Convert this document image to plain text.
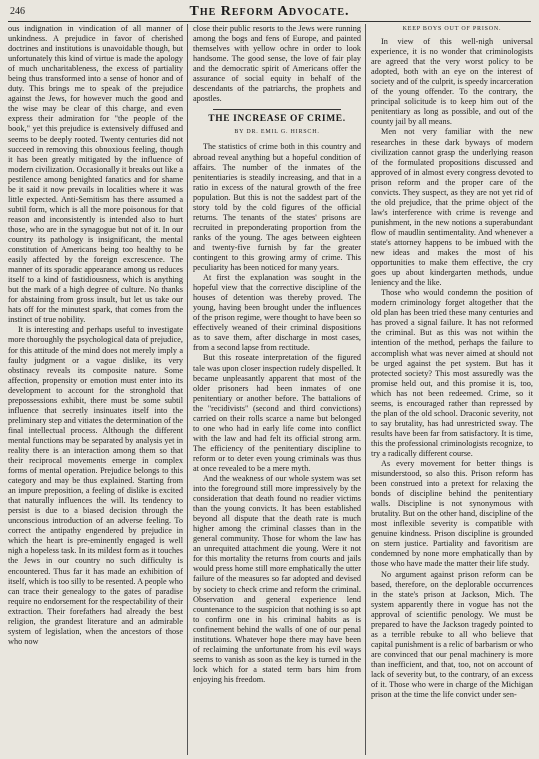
246	The Reform Advocate.

ous indignation in vindication of all manner of unkindness. A prejudice in favor of cherished doctrines and institutions is unavoidable though, but unfortunately this kind of virtue is made the apology of much uncharitableness, the excess of partiality being thus transformed into a sense of honor and of duty. This brings me to speak of the prejudice against the Jews, for however much the good and the wise may be clear of this charge, and even express their admiration for "the people of the book," yet this prejudice is extensively diffused and seems to be deeply rooted. Twenty centuries did not succeed in removing this obnoxious feeling, though it has been greatly mitigated by the influence of modern civilization. Occasionally it breaks out like a pestilence among benighted fanatics and for shame be it said it now prevails in localities where it was little expected. Anti-Semitism has there assumed a subtil form, which is all the more poisonous for that reason and inconsistently is intended also to hurt those, who are in the synagogue but not of it. In our country its pathology is insignificant, the mental constitution of Americans being too healthy to be easily affected by the foreign excrescence. The manner of its sporadic appearance among us reduces itself to a kind of fastidiousness, which is anything but the mark of a high degree of culture. No thanks for abstaining from gross insult, but let us take our hats off for the minutest spark, that comes from the instinct of true nobility.

It is interesting and perhaps useful to investigate more thoroughly the psychological data of prejudice, for this attitude of the mind does not merely imply a faulty judgment or a vague dislike, its very obstinacy reveals its composite nature. Some affection, propensity or emotion must enter into its development to account for the stronghold that prepossessions exhibit, there must be some subtil influence that secretly insinuates itself into the preliminary step and vitiates the determination of the final intellectual process. Although the different mental functions may be separated by analysis yet in reality there is an interaction among them so that their reciprocal movements emerge in complex forms of mental operation. Prejudice belongs to this category and may be thus explained. Starting from an impure preposition, a feeling of dislike is excited that naturally influences the will. Its tendency to persist is due to a biased decision through the unconscious introduction of an adverse feeling. To correct the antipathy engendered by prejudice in which the heart is pre-eminently engaged is well nigh a hopeless task. In its mildest form as it touches the Jews in our country no such difficulty is encountered. Thus far it has made an exhibition of itself, which is too silly to be resented. A people who can trace their genealogy to the gates of paradise require no endorsement for the respectability of their extraction. Their forefathers had already the best religion, the grandest literature and an admirable system of legislation, when the ancestors of those who now

close their public resorts to the Jews were running among the bogs and fens of Europe, and painted themselves with yellow ochre in order to look handsome. The good sense, the love of fair play and the democratic spirit of Americans offer the assurance of social equity in behalf of the descendants of the patriarchs, the prophets and apostles.

THE INCREASE OF CRIME.
BY DR. EMIL G. HIRSCH.

The statistics of crime both in this country and abroad reveal anything but a hopeful condition of affairs. The number of the inmates of the penitentiaries is steadily increasing, and that in a ratio in excess of the natural growth of the free population. But this is not the saddest part of the story told by the cold figures of the official returns. The tenants of the states' prisons are recruited in preponderating proportion from the ranks of the young. The ages between eighteen and twenty-five furnish by far the greater contingent to this growing army of crime. This peculiarity has been noticed for many years.

At first the explanation was sought in the hopeful view that the corrective discipline of the houses of detention was thereby proved. The young, having been brought under the influences of the prison regime, were thought to have been so effectively weaned of their criminal dispositions as to save them, after discharge in most cases, from a second lapse from rectitude.

But this roseate interpretation of the figured tale was upon closer inspection rudely dispelled. It became unpleasantly apparent that most of the older prisoners had been inmates of one penitentiary or another before. The battalions of the "recidivists" (second and third convictions) carried on their rolls scarce a name but belonged to one who had in early life come into conflict with the law and had felt its official strong arm. The efficiency of the penitentiary discipline to reform or to deter even young criminals was thus at once revealed to be a mere myth.

And the weakness of our whole system was set into the foreground still more impressively by the consideration that death found no readier victims than the young convicts. It has been established beyond all dispute that the death rate is much higher among the criminal classes than in the general community. Those for whom the law has an unrequited attachment die young. Were it not for this mortality the returns from courts and jails would press home still more emphatically the utter failure of the measures so far adopted and devised by society to check crime and reform the criminal. Observation and general experience lend countenance to the suspicion that nothing is so apt to confirm one in his criminal habits as is confinement behind the walls of one of our penal institutions. Whatever hope there may have been of reclaiming the unfortunate from his evil ways seems to vanish as soon as the key is turned in the lock which for a stated term bars him from enjoying his freedom.

KEEP BOYS OUT OF PRISON.

In view of this well-nigh universal experience, it is no wonder that criminologists are agreed that the very worst policy to be adopted, both with an eye on the interest of society and of the culprit, is speedy incarceration of the young offender. To the contrary, the principal solicitude is to keep him out of the penitentiary as long as possible, and out of the county jail by all means.

Men not very familiar with the new researches in these dark byways of modern civilization cannot grasp the underlying reason of the formulated propositions discussed and approved of in almost every congress devoted to prison reform and the proper care of the convicts. They suspect, as they are not yet rid of the old prejudice, that the prime object of the law's interference with crime is revenge and punishment, in the new notions a superabundant flow of maudlin sentimentality. And whenever a state's attorney happens to be imbued with the new ideas and makes the most of his opportunities to make them effective, the cry goes up about kindergarten methods, undue leniency and the like.

Those who would condemn the position of modern criminology forget altogether that the old plan has been tried these many centuries and has proved a signal failure. It has not reformed the criminal. But as this was not within the intention of the method, perhaps the failure to accomplish what was never aimed at should not be urged against the pet system. But has it protected society? This most assuredly was the promise held out, and this promise it is, too, which has not been redeemed. Crime, so it seems, is encouraged rather than repressed by the plan of the old school. Draconic severity, not to say brutality, has had unrestricted sway. The results have been far from satisfactory. It is time, this the professional criminologists recognize, to try a radically different course.

As every movement for better things is misunderstood, so also this. Prison reform has been construed into a pretext for relaxing the bonds of discipline behind the penitentiary walls. Discipline is not synonymous with brutality. But on the other hand, discipline of the most inflexible severity is compatible with genuine kindness. Prison discipline is grounded on stern justice. Partiality and favoritism are condemned by none more emphatically than by those who have made the matter their life study.

No argument against prison reform can be based, therefore, on the deplorable occurrences in the state's prison at Jackson, Mich. The system apparently there in vogue has not the approval of scientific penology. We must be prepared to have the Jackson tragedy pointed to as a terrible rebuke to all who believe that capital punishment is a relic of barbarism or who are convinced that our penal machinery is more than inefficient, and that, too, not on account of lack of severity but, to the contrary, of an excess of it. Those who were in charge of the Michigan prison at the time the life convict under sen-
